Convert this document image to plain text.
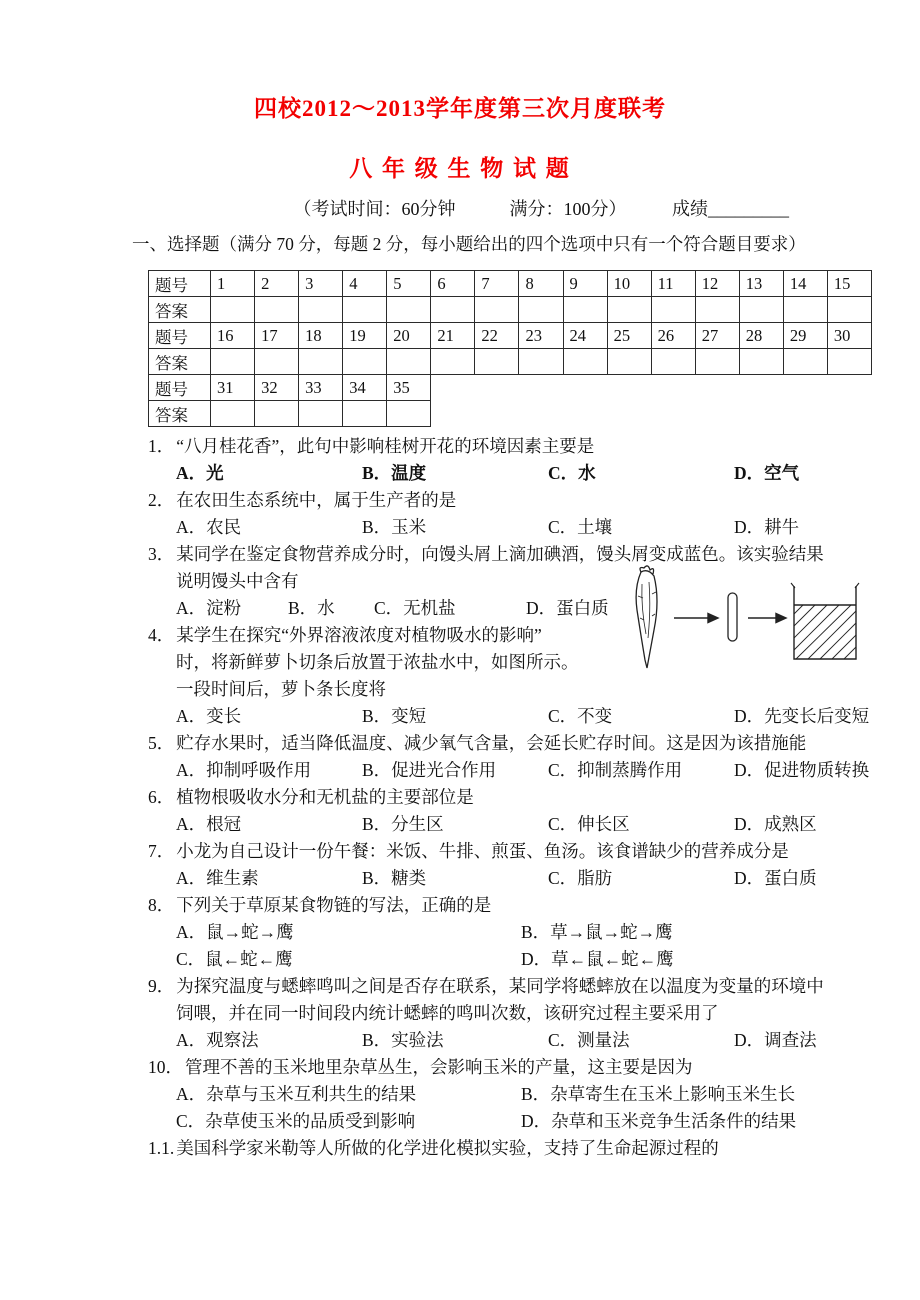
四校2012～2013学年度第三次月度联考
八 年 级 生 物 试 题
（考试时间：60分钟　　　满分：100分）	成绩_________
一、选择题（满分 70 分，每题 2 分，每小题给出的四个选项中只有一个符合题目要求）
题号	1	2	3	4	5	6	7	8	9	10	11	12	13	14	15
答案															
题号	16	17	18	19	20	21	22	23	24	25	26	27	28	29	30
答案															
题号	31	32	33	34	35
答案					
1． “八月桂花香”，此句中影响桂树开花的环境因素主要是
A．光	B．温度	C．水	D．空气
2． 在农田生态系统中，属于生产者的是
A．农民	B．玉米	C．土壤	D．耕牛
3． 某同学在鉴定食物营养成分时，向馒头屑上滴加碘酒，馒头屑变成蓝色。该实验结果
说明馒头中含有
A．淀粉	B．水	C．无机盐	D．蛋白质
4． 某学生在探究“外界溶液浓度对植物吸水的影响”
时，将新鲜萝卜切条后放置于浓盐水中，如图所示。
一段时间后，萝卜条长度将
A．变长	B．变短	C．不变	D．先变长后变短
5． 贮存水果时，适当降低温度、减少氧气含量，会延长贮存时间。这是因为该措施能
A．抑制呼吸作用	B．促进光合作用	C．抑制蒸腾作用	D．促进物质转换
6． 植物根吸收水分和无机盐的主要部位是
A．根冠	B．分生区	C．伸长区	D．成熟区
7． 小龙为自己设计一份午餐：米饭、牛排、煎蛋、鱼汤。该食谱缺少的营养成分是
A．维生素	B．糖类	C．脂肪	D．蛋白质
8． 下列关于草原某食物链的写法，正确的是
A．鼠→蛇→鹰	B．草→鼠→蛇→鹰
C．鼠←蛇←鹰	D．草←鼠←蛇←鹰
9． 为探究温度与蟋蟀鸣叫之间是否存在联系，某同学将蟋蟀放在以温度为变量的环境中
饲喂，并在同一时间段内统计蟋蟀的鸣叫次数，该研究过程主要采用了
A．观察法	B．实验法	C．测量法	D．调查法
10． 管理不善的玉米地里杂草丛生，会影响玉米的产量，这主要是因为
A．杂草与玉米互利共生的结果	B．杂草寄生在玉米上影响玉米生长
C．杂草使玉米的品质受到影响	D．杂草和玉米竞争生活条件的结果
1.1. 美国科学家米勒等人所做的化学进化模拟实验，支持了生命起源过程的
